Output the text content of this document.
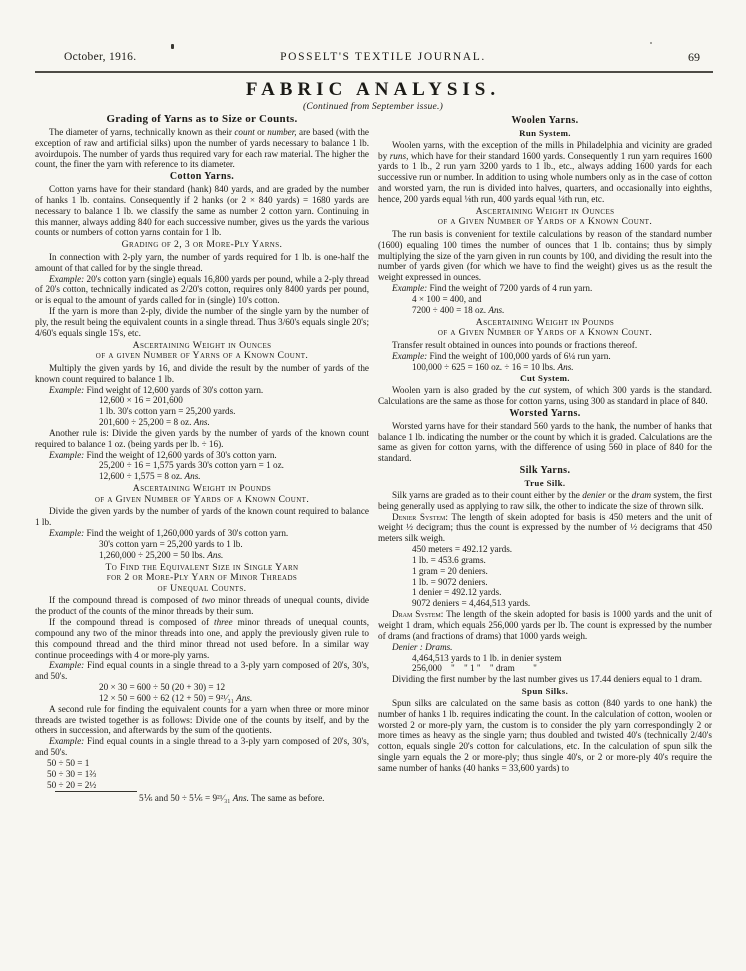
October, 1916.	POSSELT'S TEXTILE JOURNAL.	69
FABRIC ANALYSIS.
(Continued from September issue.)
Grading of Yarns as to Size or Counts.

The diameter of yarns, technically known as their count or number, are based (with the exception of raw and artificial silks) upon the number of yards necessary to balance 1 lb. avoirdupois. The number of yards thus required vary for each raw material. The higher the count, the finer the yarn with reference to its diameter.

Cotton Yarns.

Cotton yarns have for their standard (hank) 840 yards, and are graded by the number of hanks 1 lb. contains. Consequently if 2 hanks (or 2 × 840 yards) = 1680 yards are necessary to balance 1 lb. we classify the same as number 2 cotton yarn. Continuing in this manner, always adding 840 for each successive number, gives us the yards the various counts or numbers of cotton yarns contain for 1 lb.

Grading of 2, 3 or More-Ply Yarns.

In connection with 2-ply yarn, the number of yards required for 1 lb. is one-half the amount of that called for by the single thread.

Example: 20's cotton yarn (single) equals 16,800 yards per pound, while a 2-ply thread of 20's cotton, technically indicated as 2/20's cotton, requires only 8400 yards per pound, or is equal to the amount of yards called for in (single) 10's cotton.

If the yarn is more than 2-ply, divide the number of the single yarn by the number of ply, the result being the equivalent counts in a single thread. Thus 3/60's equals single 20's; 4/60's equals single 15's, etc.

Ascertaining Weight in Ounces
of a given Number of Yarns of a Known Count.

Multiply the given yards by 16, and divide the result by the number of yards of the known count required to balance 1 lb.

Example: Find weight of 12,600 yards of 30's cotton yarn.

12,600 × 16 = 201,600
1 lb. 30's cotton yarn = 25,200 yards.
201,600 ÷ 25,200 = 8 oz. Ans.

Another rule is: Divide the given yards by the number of yards of the known count required to balance 1 oz. (being yards per lb. ÷ 16).

Example: Find the weight of 12,600 yards of 30's cotton yarn.

25,200 ÷ 16 = 1,575 yards 30's cotton yarn = 1 oz.
12,600 ÷ 1,575 = 8 oz. Ans.
Ascertaining Weight in Pounds
of a Given Number of Yards of a Known Count.

Divide the given yards by the number of yards of the known count required to balance 1 lb.

Example: Find the weight of 1,260,000 yards of 30's cotton yarn.

30's cotton yarn = 25,200 yards to 1 lb.
1,260,000 ÷ 25,200 = 50 lbs. Ans.
To Find the Equivalent Size in Single Yarn
for 2 or More-Ply Yarn of Minor Threads
of Unequal Counts.

If the compound thread is composed of two minor threads of unequal counts, divide the product of the counts of the minor threads by their sum.

If the compound thread is composed of three minor threads of unequal counts, compound any two of the minor threads into one, and apply the previously given rule to this compound thread and the third minor thread not used before. In a similar way continue proceedings with 4 or more-ply yarns.

Example: Find equal counts in a single thread to a 3-ply yarn composed of 20's, 30's, and 50's.

20 × 30 = 600 ÷ 50 (20 + 30) = 12
12 × 50 = 600 ÷ 62 (12 + 50) = 9²¹⁄₃₁ Ans.

A second rule for finding the equivalent counts for a yarn when three or more minor threads are twisted together is as follows: Divide one of the counts by itself, and by the others in succession, and afterwards by the sum of the quotients.

Example: Find equal counts in a single thread to a 3-ply yarn composed of 20's, 30's, and 50's.

50 ÷ 50 = 1
50 ÷ 30 = 1⅔
50 ÷ 20 = 2½
5⅙ and 50 ÷ 5⅙ = 9²¹⁄₃₁ Ans. The same as before.
Woolen Yarns.
Run System.

Woolen yarns, with the exception of the mills in Philadelphia and vicinity are graded by runs, which have for their standard 1600 yards. Consequently 1 run yarn requires 1600 yards to 1 lb., 2 run yarn 3200 yards to 1 lb., etc., always adding 1600 yards for each successive run or number. In addition to using whole numbers only as in the case of cotton and worsted yarn, the run is divided into halves, quarters, and occasionally into eighths, hence, 200 yards equal ⅛th run, 400 yards equal ¼th run, etc.

Ascertaining Weight in Ounces
of a Given Number of Yards of a Known Count.

The run basis is convenient for textile calculations by reason of the standard number (1600) equaling 100 times the number of ounces that 1 lb. contains; thus by simply multiplying the size of the yarn given in run counts by 100, and dividing the result into the number of yards given (for which we have to find the weight) gives us as the result the weight expressed in ounces.

Example: Find the weight of 7200 yards of 4 run yarn.

4 × 100 = 400, and
7200 ÷ 400 = 18 oz. Ans.
Ascertaining Weight in Pounds
of a Given Number of Yards of a Known Count.

Transfer result obtained in ounces into pounds or fractions thereof.

Example: Find the weight of 100,000 yards of 6¼ run yarn.

100,000 ÷ 625 = 160 oz. ÷ 16 = 10 lbs. Ans.
Cut System.

Woolen yarn is also graded by the cut system, of which 300 yards is the standard. Calculations are the same as those for cotton yarns, using 300 as standard in place of 840.

Worsted Yarns.

Worsted yarns have for their standard 560 yards to the hank, the number of hanks that balance 1 lb. indicating the number or the count by which it is graded. Calculations are the same as given for cotton yarns, with the difference of using 560 in place of 840 for the standard.

Silk Yarns.
True Silk.

Silk yarns are graded as to their count either by the denier or the dram system, the first being generally used as applying to raw silk, the other to indicate the size of thrown silk.

Denier System: The length of skein adopted for basis is 450 meters and the unit of weight ½ decigram; thus the count is expressed by the number of ½ decigrams that 450 meters silk weigh.

450 meters = 492.12 yards.
1 lb. = 453.6 grams.
1 gram = 20 deniers.
1 lb. = 9072 deniers.
1 denier = 492.12 yards.
9072 deniers = 4,464,513 yards.

Dram System: The length of the skein adopted for basis is 1000 yards and the unit of weight 1 dram, which equals 256,000 yards per lb. The count is expressed by the number of drams (and fractions of drams) that 1000 yards weigh.

Denier : Drams.

4,464,513 yards to 1 lb. in denier system
256,000 "  " 1 "  " dram  "

Dividing the first number by the last number gives us 17.44 deniers equal to 1 dram.

Spun Silks.

Spun silks are calculated on the same basis as cotton (840 yards to one hank) the number of hanks 1 lb. requires indicating the count. In the calculation of cotton, woolen or worsted 2 or more-ply yarn, the custom is to consider the ply yarn correspondingly 2 or more times as heavy as the single yarn; thus doubled and twisted 40's (technically 2/40's cotton, equals single 20's cotton for calculations, etc. In the calculation of spun silk the single yarn equals the 2 or more-ply; thus single 40's, or 2 or more-ply 40's require the same number of hanks (40 hanks = 33,600 yards) to
